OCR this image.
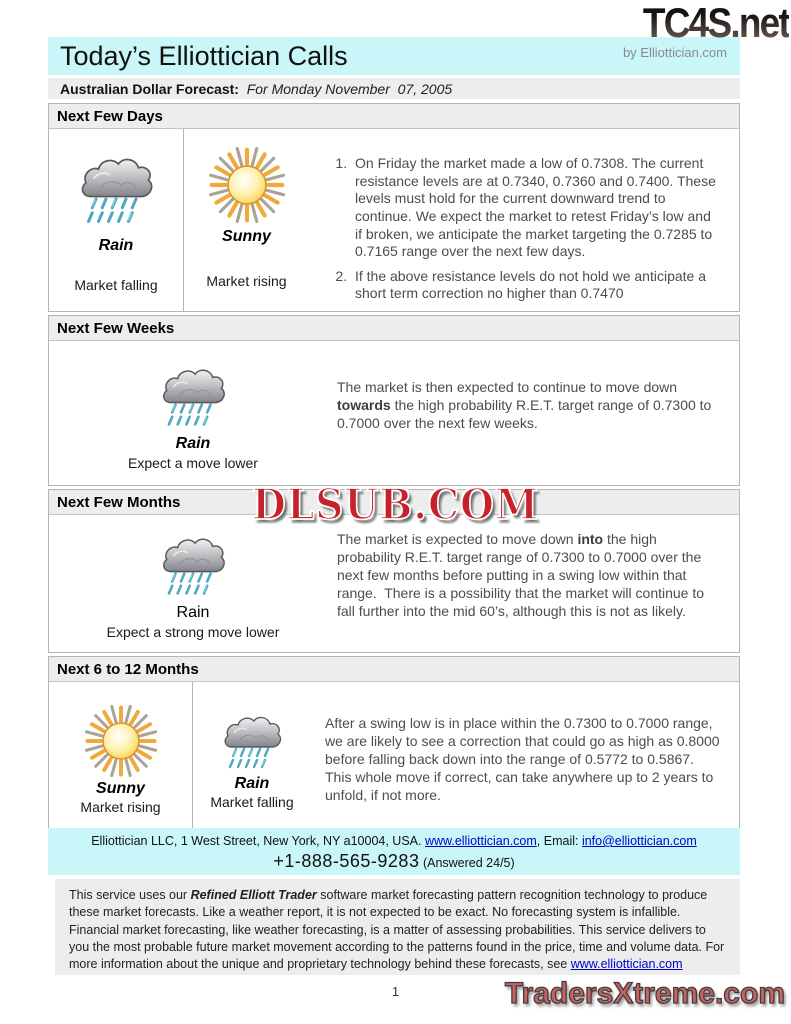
TC4S.net
by Elliottician.com
Today’s Elliottician Calls
Australian Dollar Forecast: For Monday November  07, 2005
Next Few Days
Rain
Market falling
Sunny
Market rising
1. On Friday the market made a low of 0.7308. The current resistance levels are at 0.7340, 0.7360 and 0.7400. These levels must hold for the current downward trend to continue. We expect the market to retest Friday’s low and if broken, we anticipate the market targeting the 0.7285 to 0.7165 range over the next few days.
2. If the above resistance levels do not hold we anticipate a short term correction no higher than 0.7470
Next Few Weeks
Rain
Expect a move lower

The market is then expected to continue to move down towards the high probability R.E.T. target range of 0.7300 to 0.7000 over the next few weeks.

Next Few Months
Rain
Expect a strong move lower

The market is expected to move down into the high probability R.E.T. target range of 0.7300 to 0.7000 over the next few months before putting in a swing low within that range.  There is a possibility that the market will continue to fall further into the mid 60’s, although this is not as likely.

Next 6 to 12 Months
Sunny
Market rising
Rain
Market falling
After a swing low is in place within the 0.7300 to 0.7000 range, we are likely to see a correction that could go as high as 0.8000 before falling back down into the range of 0.5772 to 0.5867. This whole move if correct, can take anywhere up to 2 years to unfold, if not more.
DLSUB.COM
Elliottician LLC, 1 West Street, New York, NY a10004, USA. www.elliottician.com, Email: info@elliottician.com
+1-888-565-9283 (Answered 24/5)
This service uses our Refined Elliott Trader software market forecasting pattern recognition technology to produce these market forecasts. Like a weather report, it is not expected to be exact. No forecasting system is infallible. Financial market forecasting, like weather forecasting, is a matter of assessing probabilities. This service delivers to you the most probable future market movement according to the patterns found in the price, time and volume data. For more information about the unique and proprietary technology behind these forecasts, see www.elliottician.com
1	TradersXtreme.com
